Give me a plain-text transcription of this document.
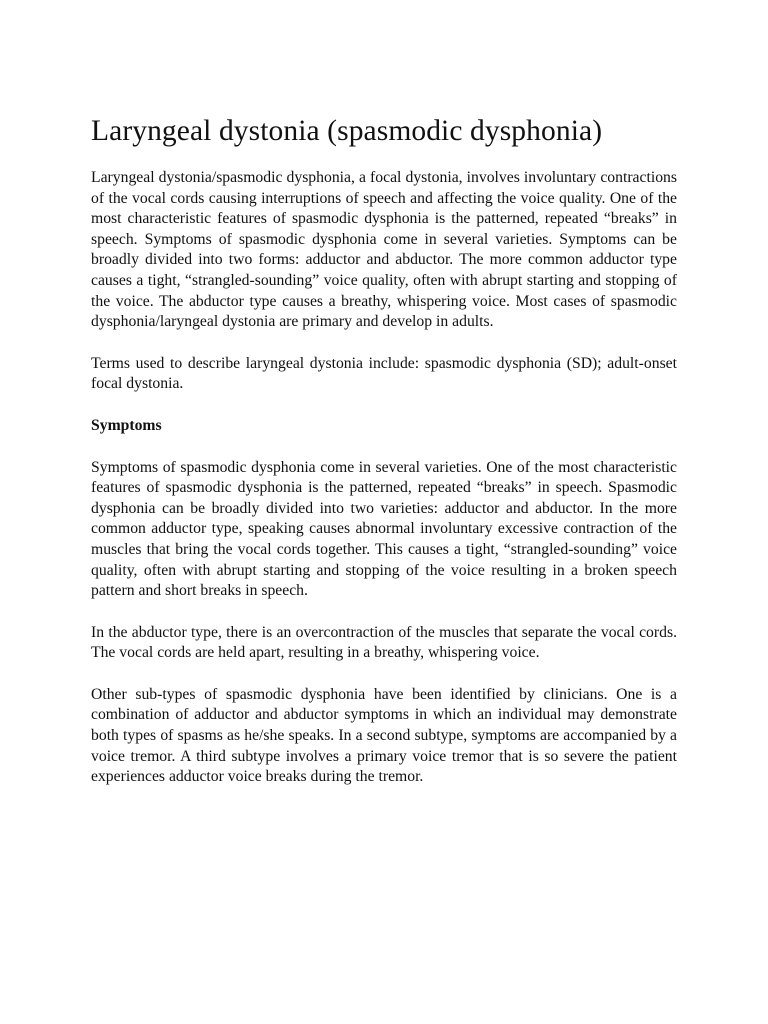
Laryngeal dystonia (spasmodic dysphonia)

Laryngeal dystonia/spasmodic dysphonia, a focal dystonia, involves involuntary contractions of the vocal cords causing interruptions of speech and affecting the voice quality. One of the most characteristic features of spasmodic dysphonia is the patterned, repeated “breaks” in speech. Symptoms of spasmodic dysphonia come in several varieties. Symptoms can be broadly divided into two forms: adductor and abductor. The more common adductor type causes a tight, “strangled-sounding” voice quality, often with abrupt starting and stopping of the voice. The abductor type causes a breathy, whispering voice. Most cases of spasmodic dysphonia/laryngeal dystonia are primary and develop in adults.

Terms used to describe laryngeal dystonia include: spasmodic dysphonia (SD); adult-onset focal dystonia.

Symptoms

Symptoms of spasmodic dysphonia come in several varieties. One of the most characteristic features of spasmodic dysphonia is the patterned, repeated “breaks” in speech. Spasmodic dysphonia can be broadly divided into two varieties: adductor and abductor. In the more common adductor type, speaking causes abnormal involuntary excessive contraction of the muscles that bring the vocal cords together. This causes a tight, “strangled-sounding” voice quality, often with abrupt starting and stopping of the voice resulting in a broken speech pattern and short breaks in speech.

In the abductor type, there is an overcontraction of the muscles that separate the vocal cords. The vocal cords are held apart, resulting in a breathy, whispering voice.

Other sub-types of spasmodic dysphonia have been identified by clinicians. One is a combination of adductor and abductor symptoms in which an individual may demonstrate both types of spasms as he/she speaks. In a second subtype, symptoms are accompanied by a voice tremor. A third subtype involves a primary voice tremor that is so severe the patient experiences adductor voice breaks during the tremor.
